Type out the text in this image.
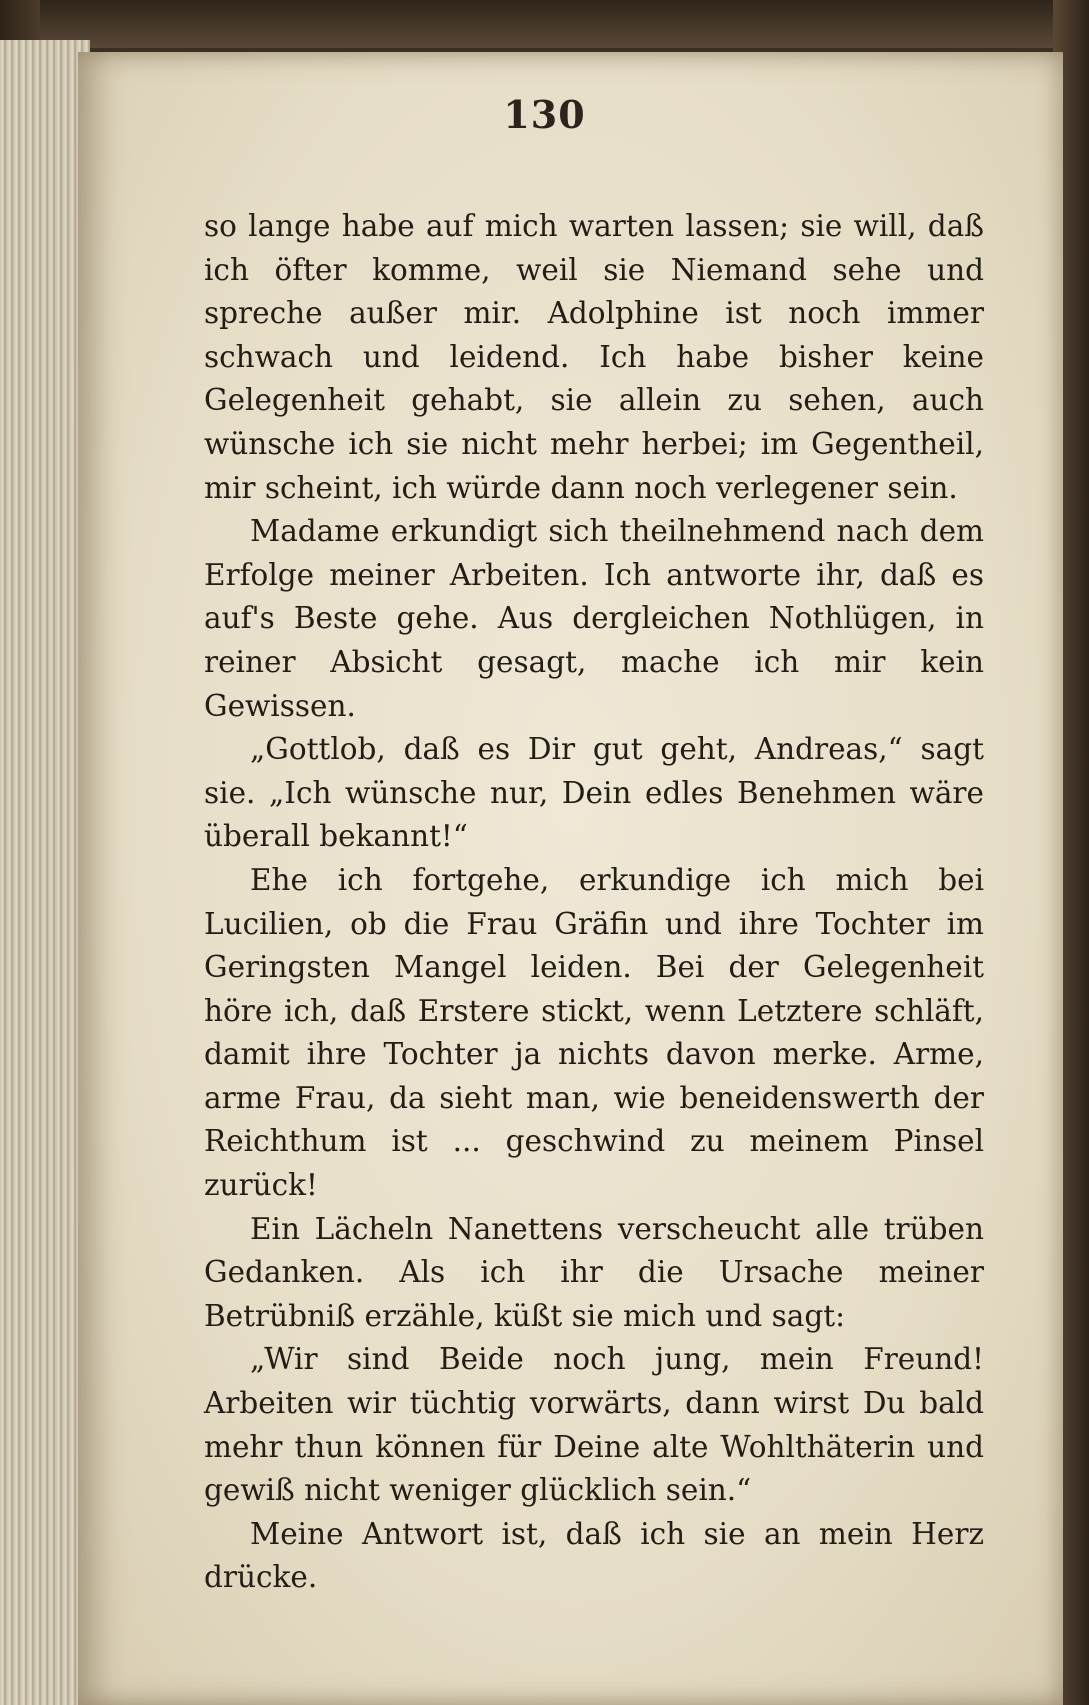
130

so lange habe auf mich warten lassen; sie will, daß ich öfter komme, weil sie Niemand sehe und spreche außer mir. Adolphine ist noch immer schwach und leidend. Ich habe bisher keine Gelegenheit gehabt, sie allein zu sehen, auch wünsche ich sie nicht mehr herbei; im Gegentheil, mir scheint, ich würde dann noch verlegener sein.

Madame erkundigt sich theilnehmend nach dem Erfolge meiner Arbeiten. Ich antworte ihr, daß es auf's Beste gehe. Aus dergleichen Nothlügen, in reiner Absicht gesagt, mache ich mir kein Gewissen.

„Gottlob, daß es Dir gut geht, Andreas,“ sagt sie. „Ich wünsche nur, Dein edles Benehmen wäre überall bekannt!“

Ehe ich fortgehe, erkundige ich mich bei Lucilien, ob die Frau Gräfin und ihre Tochter im Geringsten Mangel leiden. Bei der Gelegenheit höre ich, daß Erstere stickt, wenn Letztere schläft, damit ihre Tochter ja nichts davon merke. Arme, arme Frau, da sieht man, wie beneidenswerth der Reichthum ist ... geschwind zu meinem Pinsel zurück!

Ein Lächeln Nanettens verscheucht alle trüben Gedanken. Als ich ihr die Ursache meiner Betrübniß erzähle, küßt sie mich und sagt:

„Wir sind Beide noch jung, mein Freund! Arbeiten wir tüchtig vorwärts, dann wirst Du bald mehr thun können für Deine alte Wohlthäterin und gewiß nicht weniger glücklich sein.“

Meine Antwort ist, daß ich sie an mein Herz drücke.
